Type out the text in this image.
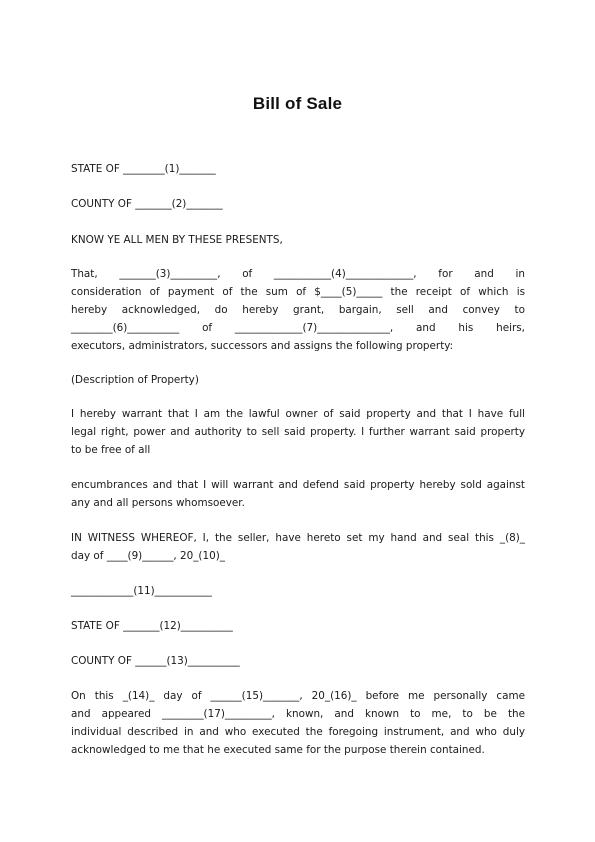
Bill of Sale

STATE OF ________(1)_______

COUNTY OF _______(2)_______

KNOW YE ALL MEN BY THESE PRESENTS,

That, _______(3)_________, of ___________(4)_____________, for and in
consideration of payment of the sum of $____(5)_____ the receipt of which is
hereby acknowledged, do hereby grant, bargain, sell and convey to
________(6)__________ of _____________(7)______________, and his heirs,
executors, administrators, successors and assigns the following property:

(Description of Property)

I hereby warrant that I am the lawful owner of said property and that I have full
legal right, power and authority to sell said property. I further warrant said property
to be free of all
encumbrances and that I will warrant and defend said property hereby sold against
any and all persons whomsoever.
IN WITNESS WHEREOF, I, the seller, have hereto set my hand and seal this _(8)_
day of ____(9)______, 20_(10)_

____________(11)___________

STATE OF _______(12)__________

COUNTY OF ______(13)__________

On this _(14)_ day of ______(15)_______, 20_(16)_ before me personally came
and appeared ________(17)_________, known, and known to me, to be the
individual described in and who executed the foregoing instrument, and who duly
acknowledged to me that he executed same for the purpose therein contained.
